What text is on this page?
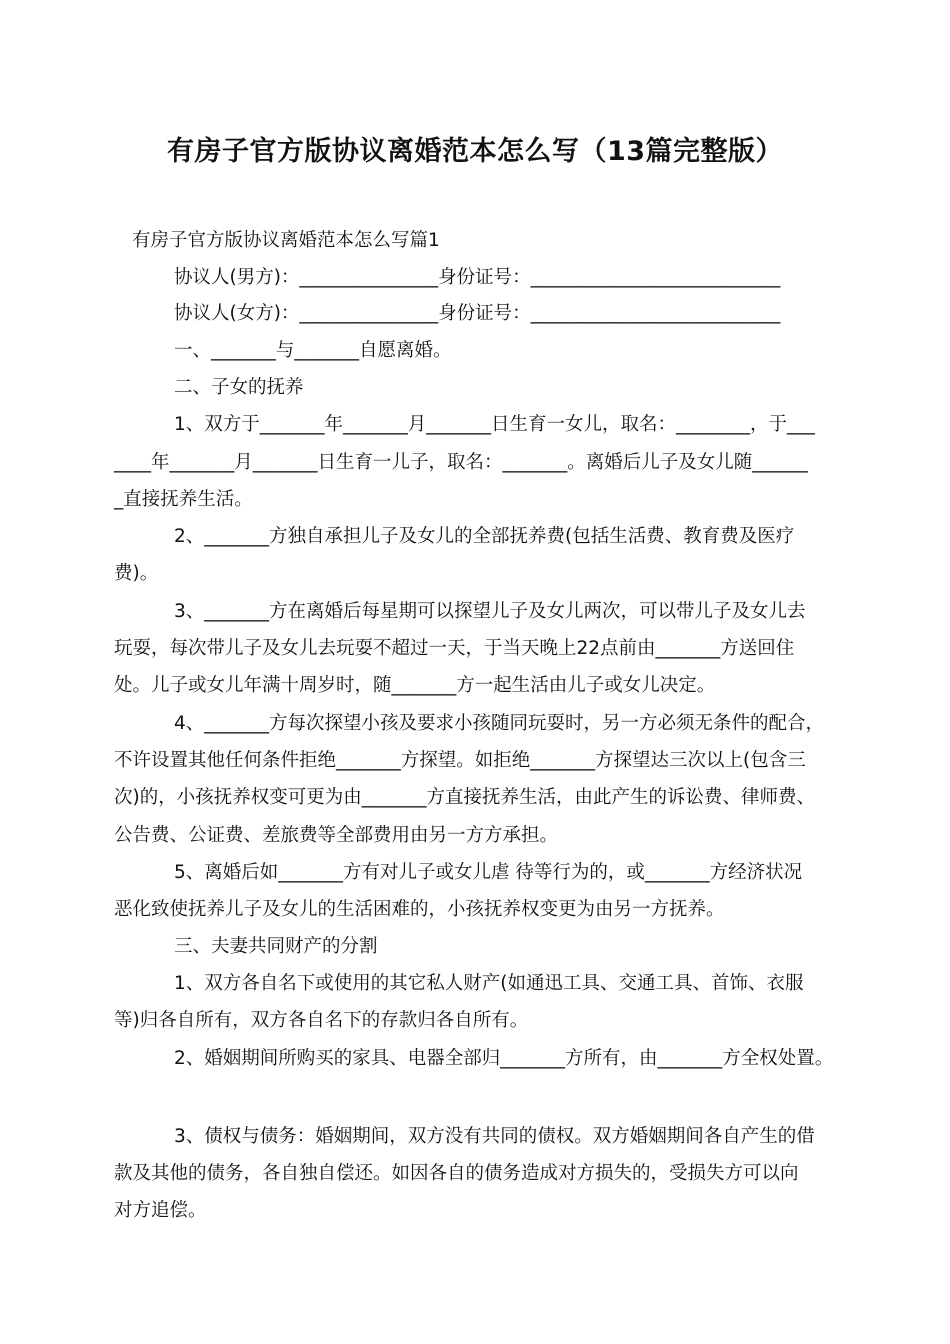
有房子官方版协议离婚范本怎么写（13篇完整版）
有房子官方版协议离婚范本怎么写篇1
协议人(男方)：_______________身份证号：___________________________
协议人(女方)：_______________身份证号：___________________________
一、_______与_______自愿离婚。
二、子女的抚养
1、双方于_______年_______月_______日生育一女儿，取名：________，于___
____年_______月_______日生育一儿子，取名：_______。离婚后儿子及女儿随______
_直接抚养生活。
2、_______方独自承担儿子及女儿的全部抚养费(包括生活费、教育费及医疗
费)。
3、_______方在离婚后每星期可以探望儿子及女儿两次，可以带儿子及女儿去
玩耍，每次带儿子及女儿去玩耍不超过一天，于当天晚上22点前由_______方送回住
处。儿子或女儿年满十周岁时，随_______方一起生活由儿子或女儿决定。
4、_______方每次探望小孩及要求小孩随同玩耍时，另一方必须无条件的配合，
不许设置其他任何条件拒绝_______方探望。如拒绝_______方探望达三次以上(包含三
次)的，小孩抚养权变可更为由_______方直接抚养生活，由此产生的诉讼费、律师费、
公告费、公证费、差旅费等全部费用由另一方方承担。
5、离婚后如_______方有对儿子或女儿虐 待等行为的，或_______方经济状况
恶化致使抚养儿子及女儿的生活困难的，小孩抚养权变更为由另一方抚养。
三、夫妻共同财产的分割
1、双方各自名下或使用的其它私人财产(如通迅工具、交通工具、首饰、衣服
等)归各自所有，双方各自名下的存款归各自所有。
2、婚姻期间所购买的家具、电器全部归_______方所有，由_______方全权处置。
3、债权与债务：婚姻期间，双方没有共同的债权。双方婚姻期间各自产生的借
款及其他的债务，各自独自偿还。如因各自的债务造成对方损失的，受损失方可以向
对方追偿。
